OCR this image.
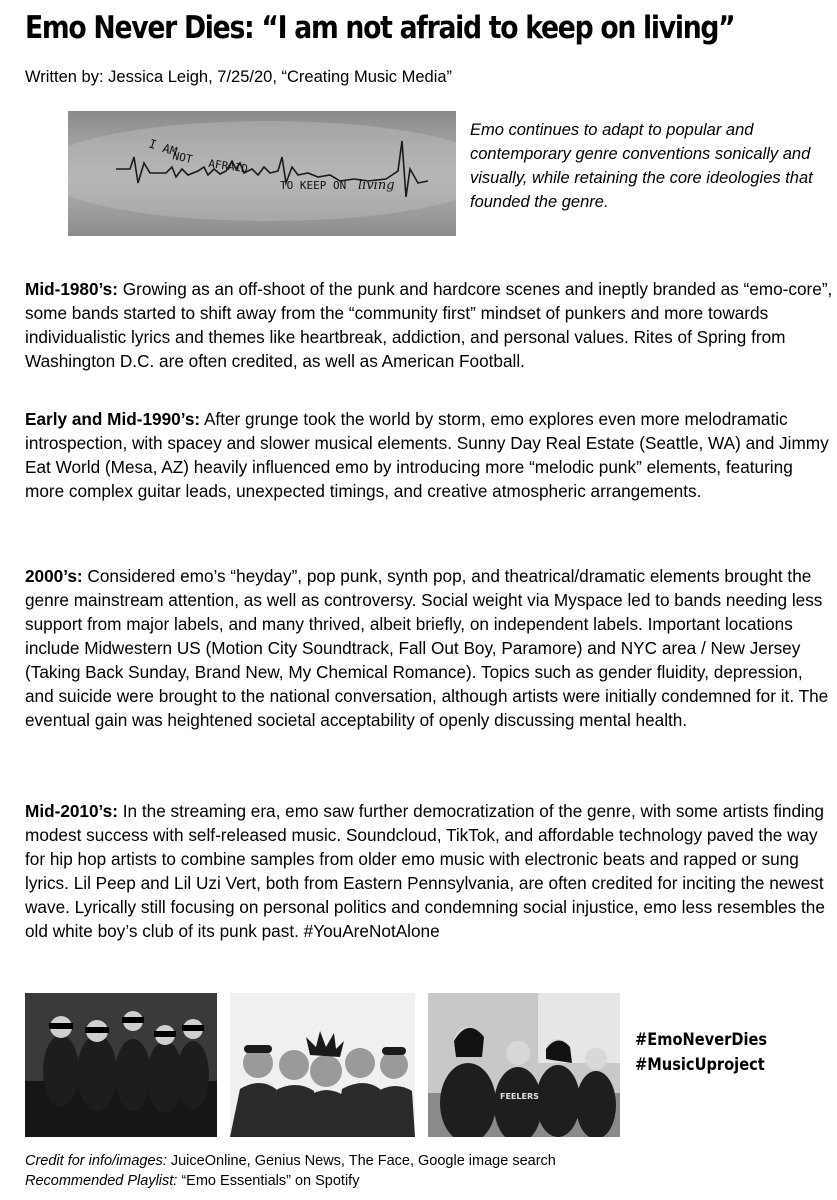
Emo Never Dies: “I am not afraid to keep on living”
Written by: Jessica Leigh, 7/25/20, “Creating Music Media”
I AM
NOT AFRAID
TO KEEP ON living
Emo continues to adapt to popular and contemporary genre conventions sonically and visually, while retaining the core ideologies that founded the genre.
Mid-1980’s: Growing as an off-shoot of the punk and hardcore scenes and ineptly branded as “emo-core”, some bands started to shift away from the “community first” mindset of punkers and more towards individualistic lyrics and themes like heartbreak, addiction, and personal values. Rites of Spring from Washington D.C. are often credited, as well as American Football.
Early and Mid-1990’s: After grunge took the world by storm, emo explores even more melodramatic introspection, with spacey and slower musical elements. Sunny Day Real Estate (Seattle, WA) and Jimmy Eat World (Mesa, AZ) heavily influenced emo by introducing more “melodic punk” elements, featuring more complex guitar leads, unexpected timings, and creative atmospheric arrangements.
2000’s: Considered emo’s “heyday”, pop punk, synth pop, and theatrical/dramatic elements brought the genre mainstream attention, as well as controversy. Social weight via Myspace led to bands needing less support from major labels, and many thrived, albeit briefly, on independent labels. Important locations include Midwestern US (Motion City Soundtrack, Fall Out Boy, Paramore) and NYC area / New Jersey (Taking Back Sunday, Brand New, My Chemical Romance). Topics such as gender fluidity, depression, and suicide were brought to the national conversation, although artists were initially condemned for it. The eventual gain was heightened societal acceptability of openly discussing mental health.
Mid-2010’s: In the streaming era, emo saw further democratization of the genre, with some artists finding modest success with self-released music. Soundcloud, TikTok, and affordable technology paved the way for hip hop artists to combine samples from older emo music with electronic beats and rapped or sung lyrics. Lil Peep and Lil Uzi Vert, both from Eastern Pennsylvania, are often credited for inciting the newest wave. Lyrically still focusing on personal politics and condemning social injustice, emo less resembles the old white boy’s club of its punk past. #YouAreNotAlone
FEELERS
#EmoNeverDies
#MusicUproject
Credit for info/images: JuiceOnline, Genius News, The Face, Google image search
Recommended Playlist: “Emo Essentials” on Spotify
